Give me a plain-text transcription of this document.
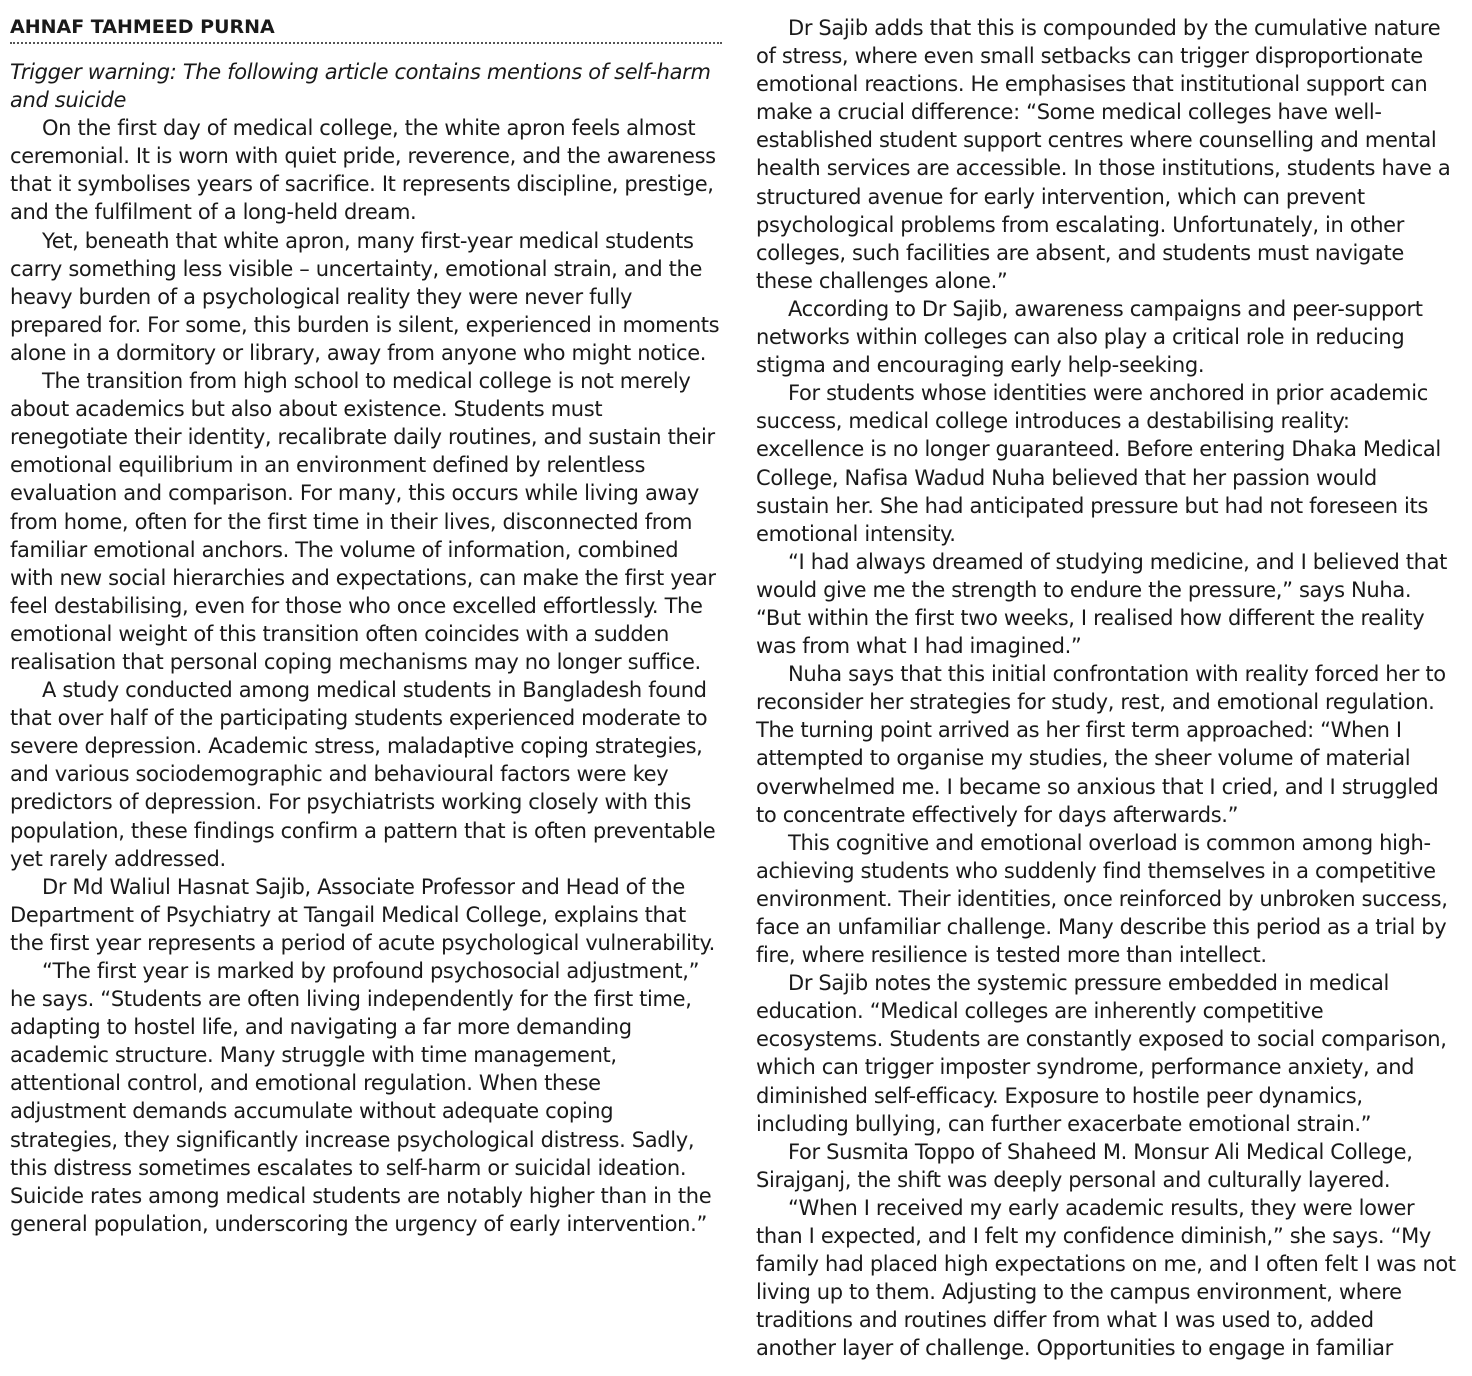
AHNAF TAHMEED PURNA

Trigger warning: The following article contains mentions of self-harm and suicide

On the first day of medical college, the white apron feels almost ceremonial. It is worn with quiet pride, reverence, and the awareness that it symbolises years of sacrifice. It represents discipline, prestige, and the fulfilment of a long-held dream.

Yet, beneath that white apron, many first-year medical students carry something less visible – uncertainty, emotional strain, and the heavy burden of a psychological reality they were never fully prepared for. For some, this burden is silent, experienced in moments alone in a dormitory or library, away from anyone who might notice.

The transition from high school to medical college is not merely about academics but also about existence. Students must renegotiate their identity, recalibrate daily routines, and sustain their emotional equilibrium in an environment defined by relentless evaluation and comparison. For many, this occurs while living away from home, often for the first time in their lives, disconnected from familiar emotional anchors. The volume of information, combined with new social hierarchies and expectations, can make the first year feel destabilising, even for those who once excelled effortlessly. The emotional weight of this transition often coincides with a sudden realisation that personal coping mechanisms may no longer suffice.

A study conducted among medical students in Bangladesh found that over half of the participating students experienced moderate to severe depression. Academic stress, maladaptive coping strategies, and various sociodemographic and behavioural factors were key predictors of depression. For psychiatrists working closely with this population, these findings confirm a pattern that is often preventable yet rarely addressed.

Dr Md Waliul Hasnat Sajib, Associate Professor and Head of the Department of Psychiatry at Tangail Medical College, explains that the first year represents a period of acute psychological vulnerability.

“The first year is marked by profound psychosocial adjustment,” he says. “Students are often living independently for the first time, adapting to hostel life, and navigating a far more demanding academic structure. Many struggle with time management, attentional control, and emotional regulation. When these adjustment demands accumulate without adequate coping strategies, they significantly increase psychological distress. Sadly, this distress sometimes escalates to self-harm or suicidal ideation. Suicide rates among medical students are notably higher than in the general population, underscoring the urgency of early intervention.”

Dr Sajib adds that this is compounded by the cumulative nature of stress, where even small setbacks can trigger disproportionate emotional reactions. He emphasises that institutional support can make a crucial difference: “Some medical colleges have well-established student support centres where counselling and mental health services are accessible. In those institutions, students have a structured avenue for early intervention, which can prevent psychological problems from escalating. Unfortunately, in other colleges, such facilities are absent, and students must navigate these challenges alone.”

According to Dr Sajib, awareness campaigns and peer-support networks within colleges can also play a critical role in reducing stigma and encouraging early help-seeking.

For students whose identities were anchored in prior academic success, medical college introduces a destabilising reality: excellence is no longer guaranteed. Before entering Dhaka Medical College, Nafisa Wadud Nuha believed that her passion would sustain her. She had anticipated pressure but had not foreseen its emotional intensity.

“I had always dreamed of studying medicine, and I believed that would give me the strength to endure the pressure,” says Nuha. “But within the first two weeks, I realised how different the reality was from what I had imagined.”

Nuha says that this initial confrontation with reality forced her to reconsider her strategies for study, rest, and emotional regulation. The turning point arrived as her first term approached: “When I attempted to organise my studies, the sheer volume of material overwhelmed me. I became so anxious that I cried, and I struggled to concentrate effectively for days afterwards.”

This cognitive and emotional overload is common among high-achieving students who suddenly find themselves in a competitive environment. Their identities, once reinforced by unbroken success, face an unfamiliar challenge. Many describe this period as a trial by fire, where resilience is tested more than intellect.

Dr Sajib notes the systemic pressure embedded in medical education. “Medical colleges are inherently competitive ecosystems. Students are constantly exposed to social comparison, which can trigger imposter syndrome, performance anxiety, and diminished self-efficacy. Exposure to hostile peer dynamics, including bullying, can further exacerbate emotional strain.”

For Susmita Toppo of Shaheed M. Monsur Ali Medical College, Sirajganj, the shift was deeply personal and culturally layered.

“When I received my early academic results, they were lower than I expected, and I felt my confidence diminish,” she says. “My family had placed high expectations on me, and I often felt I was not living up to them. Adjusting to the campus environment, where traditions and routines differ from what I was used to, added another layer of challenge. Opportunities to engage in familiar
